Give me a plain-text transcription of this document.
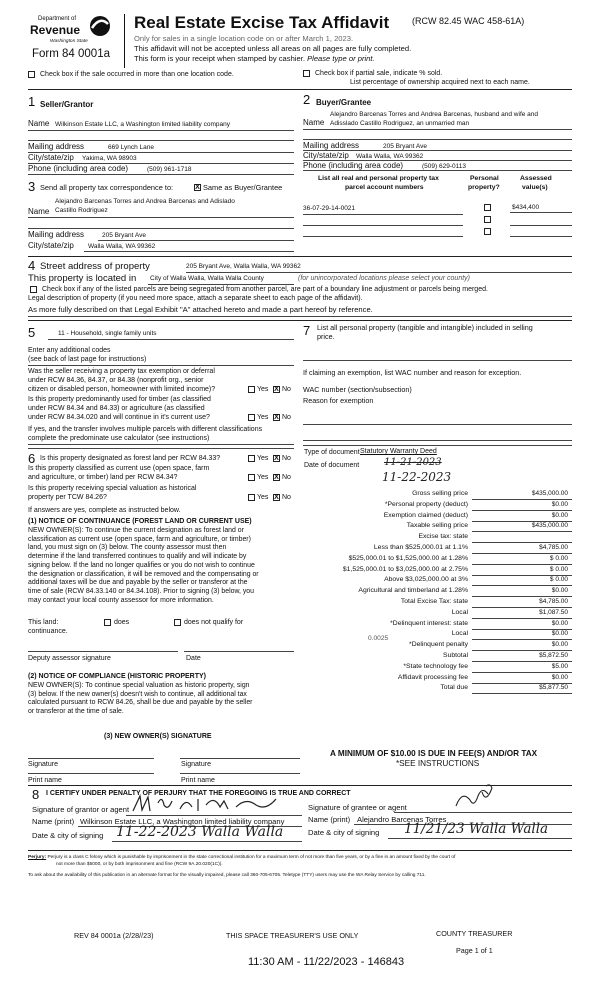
Department of
Revenue
Washington State
Form 84 0001a
Real Estate Excise Tax Affidavit	(RCW 82.45 WAC 458-61A)
Only for sales in a single location code on or after March 1, 2023.
This affidavit will not be accepted unless all areas on all pages are fully completed.
This form is your receipt when stamped by cashier. Please type or print.
Check box if the sale occurred in more than one location code.	Check box if partial sale, indicate % sold.
List percentage of ownership acquired next to each name.
1 Seller/Grantor
Name Wilkinson Estate LLC, a Washington limited liability company
Mailing address	669 Lynch Lane
City/state/zip Yakima, WA 98903
Phone (including area code)	(509) 961-1718
2 Buyer/Grantee
Alejandro Barcenas Torres and Andrea Barcenas, husband and wife and
Name Adisslado Castillo Rodriguez, an unmarried man
Mailing address	205 Bryant Ave
City/state/zip Walla Walla, WA 99362
Phone (including area code)	(509) 629-0113
List all real and personal property tax
parcel account numbers
Personal
property?
Assessed
value(s)
36-07-29-14-0021	$434,400
3 Send all property tax correspondence to:	X Same as Buyer/Grantee
Alejandro Barcenas Torres and Andrea Barcenas and Adislado
Name Castillo Rodriguez
Mailing address	205 Bryant Ave
City/state/zip Walla Walla, WA 99362
4 Street address of property	205 Bryant Ave, Walla Walla, WA 99362
This property is located in City of Walla Walla, Walla Walla County	(for unincorporated locations please select your county)
Check box if any of the listed parcels are being segregated from another parcel, are part of a boundary line adjustment or parcels being merged.
Legal description of property (if you need more space, attach a separate sheet to each page of the affidavit).
As more fully described on that Legal Exhibit "A" attached hereto and made a part hereof by reference.
5	11 - Household, single family units
Enter any additional codes
(see back of last page for instructions)
Was the seller receiving a property tax exemption or deferral
under RCW 84.36, 84.37, or 84.38 (nonprofit org., senior
citizen or disabled person, homeowner with limited income)?	Yes X No
Is this property predominantly used for timber (as classified
under RCW 84.34 and 84.33) or agriculture (as classified
under RCW 84.34.020 and will continue in it's current use?	Yes X No
If yes, and the transfer involves multiple parcels with different classifications
complete the predominate use calculator (see instructions)
7 List all personal property (tangible and intangible) included in selling
price.
If claiming an exemption, list WAC number and reason for exception.
WAC number (section/subsection)
Reason for exemption
6 Is this property designated as forest land per RCW 84.33?	Yes X No
Is this property classified as current use (open space, farm
and agriculture, or timber) land per RCW 84.34?	Yes X No
Is this property receiving special valuation as historical
property per TCW 84.26?	Yes X No
If answers are yes, complete as instructed below.
(1) NOTICE OF CONTINUANCE (FOREST LAND OR CURRENT USE)
NEW OWNER(S): To continue the current designation as forest land or
classification as current use (open space, farm and agriculture, or timber)
land, you must sign on (3) below. The county assessor must then
determine if the land transferred continues to qualify and will indicate by
signing below. If the land no longer qualifies or you do not wish to continue
the designation or classification, it will be removed and the compensating or
additional taxes will be due and payable by the seller or transferor at the
time of sale (RCW 84.33.140 or 84.34.108). Prior to signing (3) below, you
may contact your local county assessor for more information.
This land:
continuance.
does	does not qualify for
Deputy assessor signature	Date
(2) NOTICE OF COMPLIANCE (HISTORIC PROPERTY)
NEW OWNER(S): To continue special valuation as historic property, sign
(3) below. If the new owner(s) doesn't wish to continue, all additional tax
calculated pursuant to RCW 84.26, shall be due and payable by the seller
or transferor at the time of sale.
(3) NEW OWNER(S) SIGNATURE
Signature	Signature
Print name	Print name
Type of document Statutory Warranty Deed
Date of document 11-21-2023
11-22-2023
Gross selling price	$435,000.00
*Personal property (deduct)	$0.00
Exemption claimed (deduct)	$0.00
Taxable selling price	$435,000.00
Excise tax: state
Less than $525,000.01 at 1.1%	$4,785.00
$525,000.01 to $1,525,000.00 at 1.28%	$ 0.00
$1,525,000.01 to $3,025,000.00 at 2.75%	$ 0.00
Above $3,025,000.00 at 3%	$ 0.00
Agricultural and timberland at 1.28%	$0.00
Total Excise Tax: state	$4,785.00
Local	$1,087.50
*Delinquent interest: state	$0.00
Local	$0.00
*Delinquent penalty	$0.00
Subtotal	$5,872.50
*State technology fee	$5.00
Affidavit processing fee	$0.00
Total due	$5,877.50
0.0025
A MINIMUM OF $10.00 IS DUE IN FEE(S) AND/OR TAX
*SEE INSTRUCTIONS
8 I CERTIFY UNDER PENALTY OF PERJURY THAT THE FOREGOING IS TRUE AND CORRECT
Signature of grantor or agent
Name (print) Wilkinson Estate LLC, a Washington limited liability company
Date & city of signing 11-22-2023 Walla Walla
Signature of grantee or agent
Name (print) Alejandro Barcenas Torres
Date & city of signing 11/21/23 Walla Walla
Perjury: Perjury is a class C felony which is punishable by imprisonment in the state correctional institution for a maximum term of not more than five years, or by a fine in an amount fixed by the court of
not more than $5000, or by both imprisonment and fine (RCW 9A.20.020(1C)).
To ask about the availability of this publication in an alternate format for the visually impaired, please call 360-705-6705. Teletype (TTY) users may use the WA Relay Service by calling 711.
REV 84 0001a (2/28//23)	THIS SPACE TREASURER'S USE ONLY	COUNTY TREASURER
Page 1 of 1
11:30 AM - 11/22/2023 - 146843
